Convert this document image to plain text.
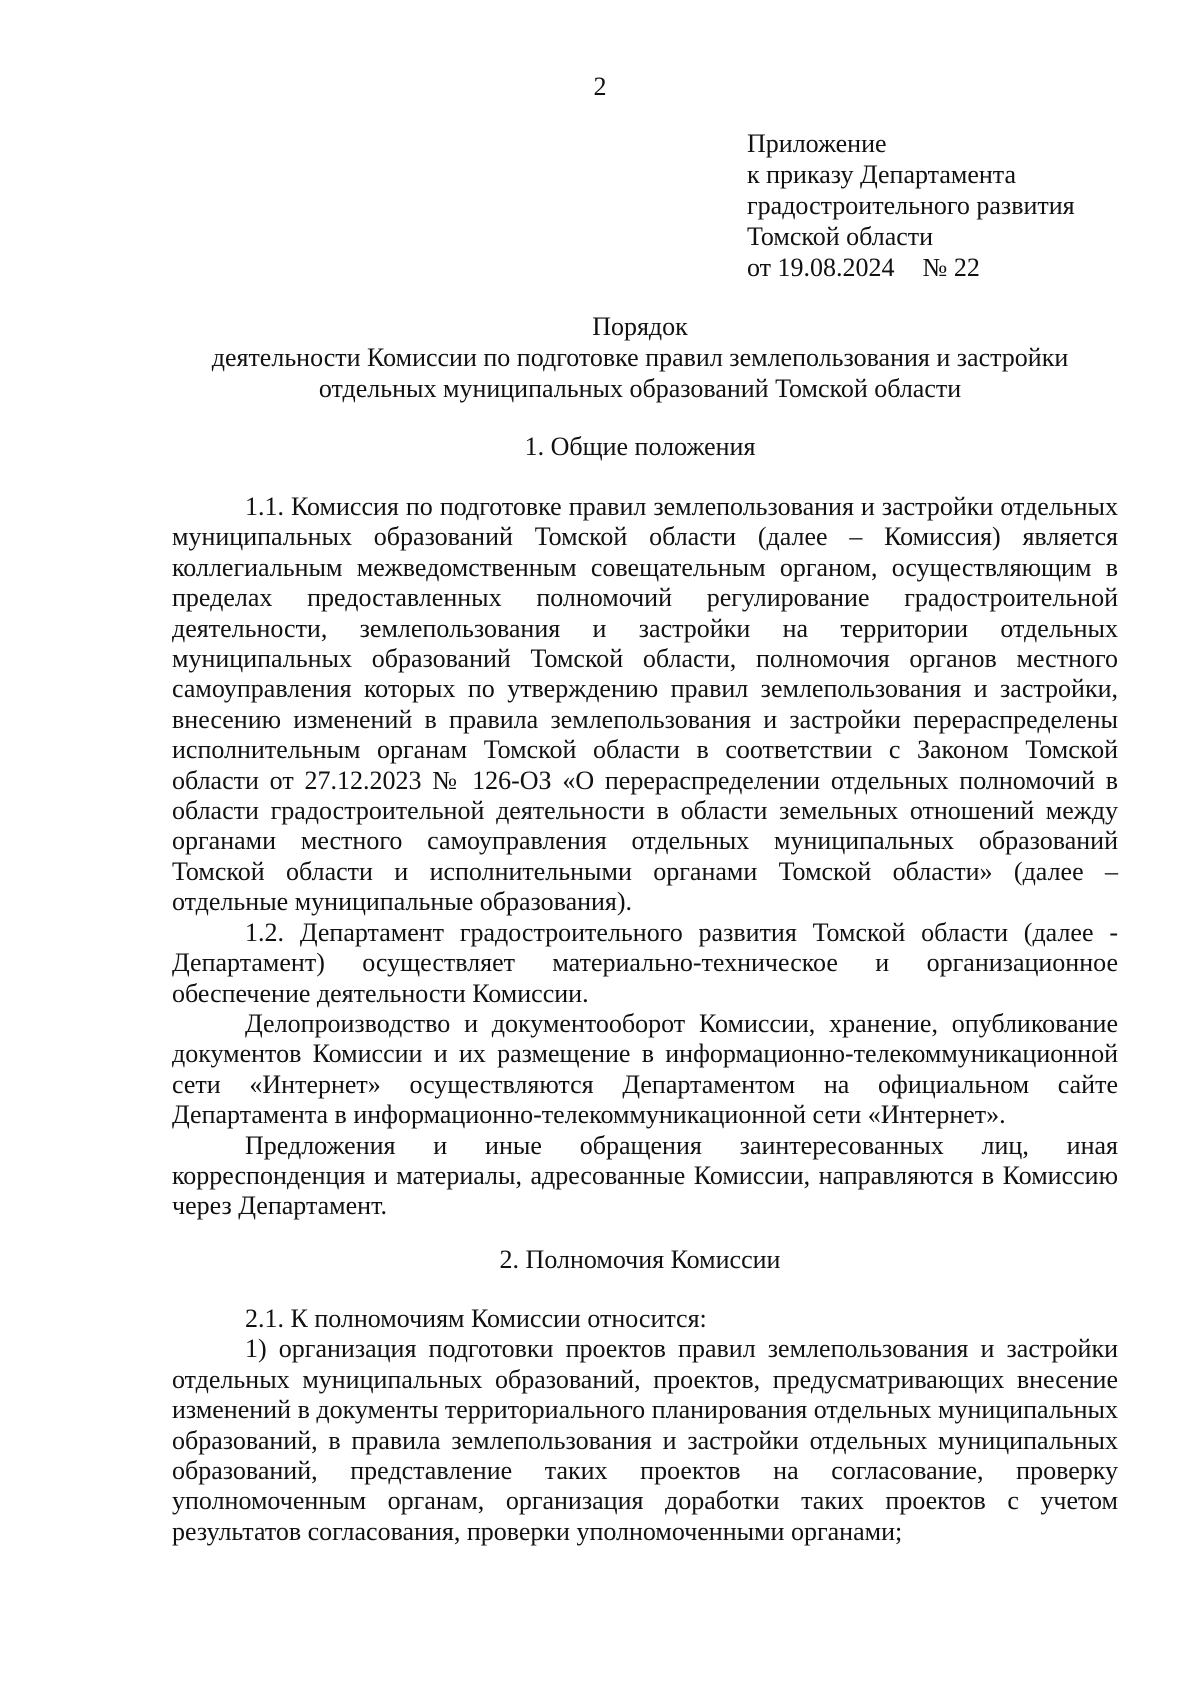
2
Приложение
к приказу Департамента
градостроительного развития
Томской области
от 19.08.2024 № 22
Порядок
деятельности Комиссии по подготовке правил землепользования и застройки
отдельных муниципальных образований Томской области
1. Общие положения

1.1. Комиссия по подготовке правил землепользования и застройки отдельных муниципальных образований Томской области (далее – Комиссия) является коллегиальным межведомственным совещательным органом, осуществляющим в пределах предоставленных полномочий регулирование градостроительной деятельности, землепользования и застройки на территории отдельных муниципальных образований Томской области, полномочия органов местного самоуправления которых по утверждению правил землепользования и застройки, внесению изменений в правила землепользования и застройки перераспределены исполнительным органам Томской области в соответствии с Законом Томской области от 27.12.2023 № 126-ОЗ «О перераспределении отдельных полномочий в области градостроительной деятельности в области земельных отношений между органами местного самоуправления отдельных муниципальных образований Томской области и исполнительными органами Томской области» (далее – отдельные муниципальные образования).

1.2. Департамент градостроительного развития Томской области (далее - Департамент) осуществляет материально-техническое и организационное обеспечение деятельности Комиссии.

Делопроизводство и документооборот Комиссии, хранение, опубликование документов Комиссии и их размещение в информационно-телекоммуникационной сети «Интернет» осуществляются Департаментом на официальном сайте Департамента в информационно-телекоммуникационной сети «Интернет».

Предложения и иные обращения заинтересованных лиц, иная корреспонденция и материалы, адресованные Комиссии, направляются в Комиссию через Департамент.

2. Полномочия Комиссии

2.1. К полномочиям Комиссии относится:

1) организация подготовки проектов правил землепользования и застройки отдельных муниципальных образований, проектов, предусматривающих внесение изменений в документы территориального планирования отдельных муниципальных образований, в правила землепользования и застройки отдельных муниципальных образований, представление таких проектов на согласование, проверку уполномоченным органам, организация доработки таких проектов с учетом результатов согласования, проверки уполномоченными органами;
